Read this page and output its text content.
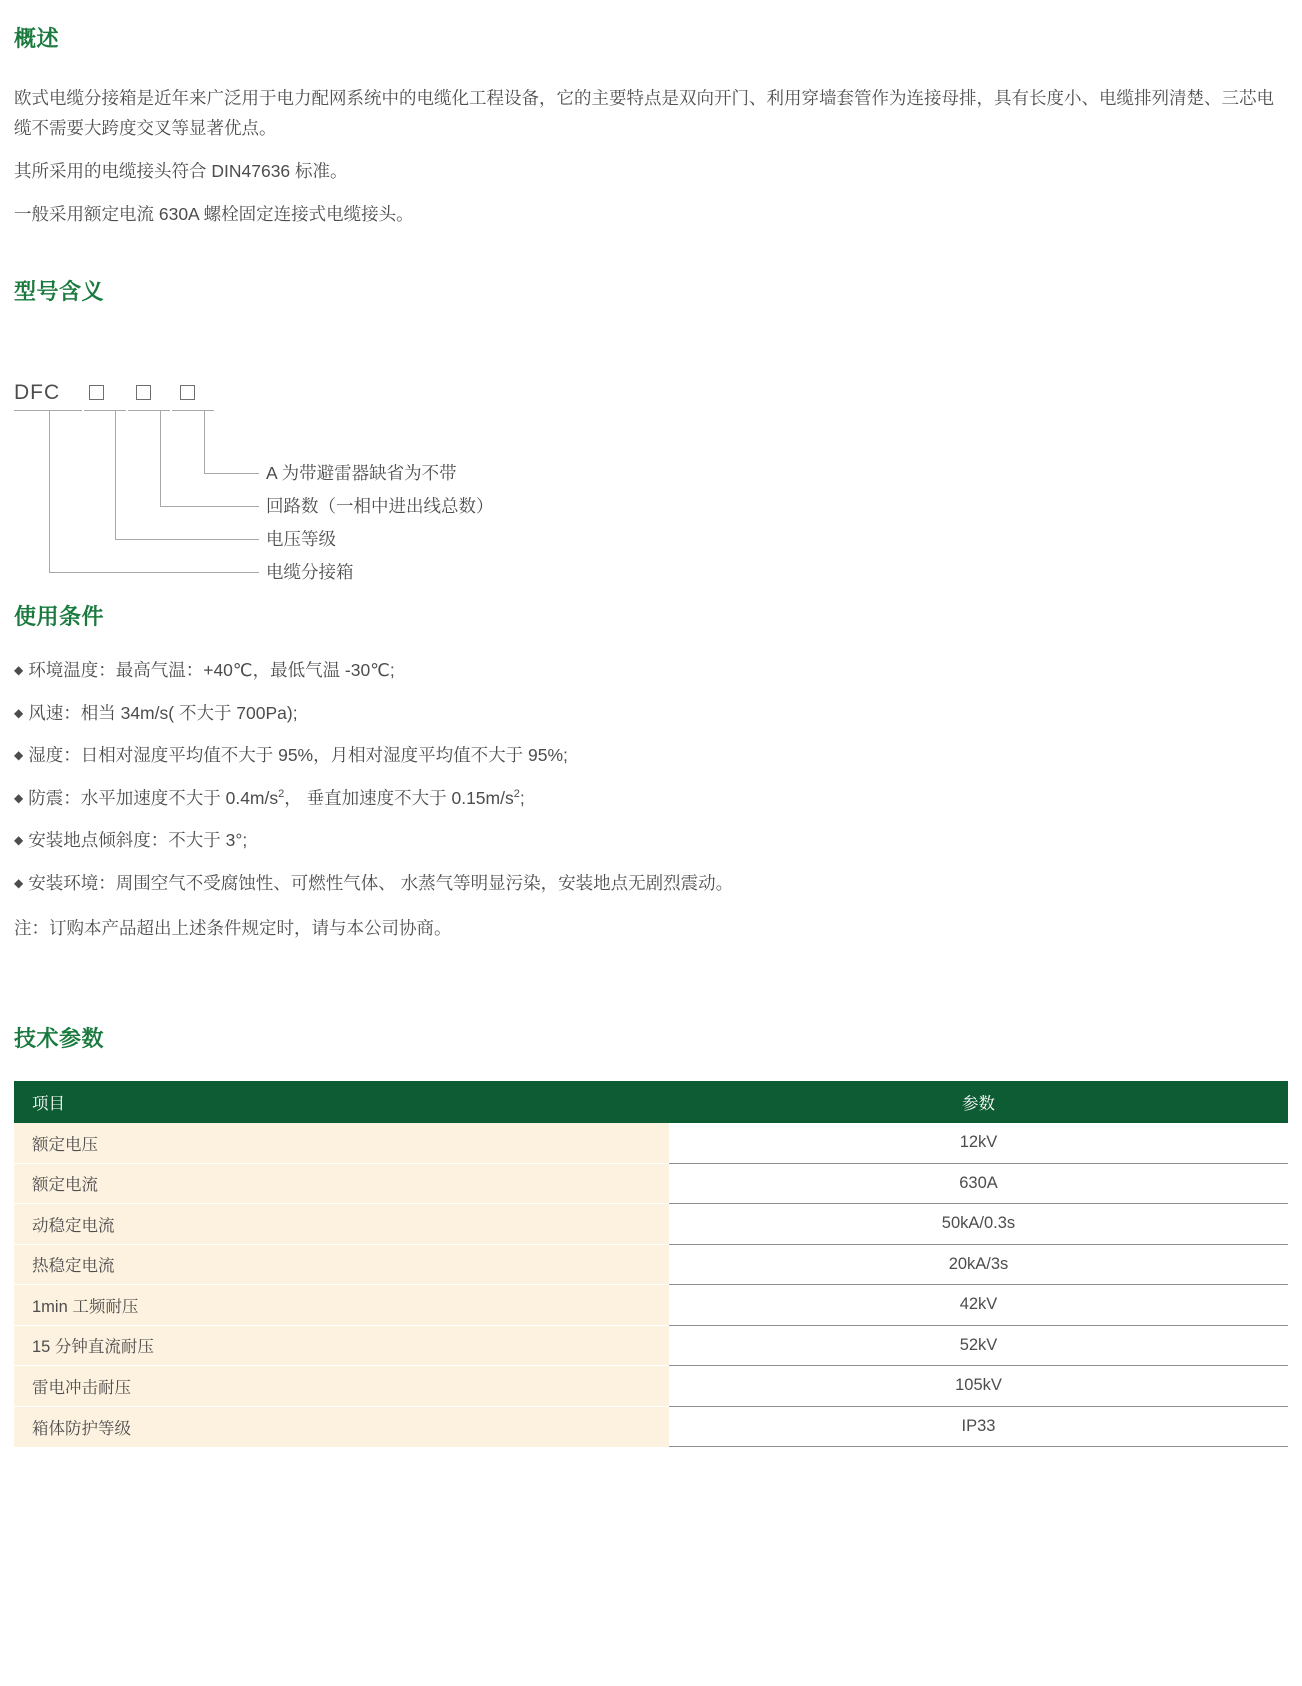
概述

欧式电缆分接箱是近年来广泛用于电力配网系统中的电缆化工程设备，它的主要特点是双向开门、利用穿墙套管作为连接母排，具有长度小、电缆排列清楚、三芯电缆不需要大跨度交叉等显著优点。

其所采用的电缆接头符合 DIN47636 标准。

一般采用额定电流 630A 螺栓固定连接式电缆接头。

型号含义
DFC
A 为带避雷器缺省为不带
回路数（一相中进出线总数）
电压等级
电缆分接箱
使用条件
◆ 环境温度：最高气温：+40℃，最低气温 -30℃;
◆ 风速：相当 34m/s( 不大于 700Pa);
◆ 湿度：日相对湿度平均值不大于 95%，月相对湿度平均值不大于 95%;
◆ 防震：水平加速度不大于 $0.4m/s^2$， 垂直加速度不大于 $0.15m/s^2$;
◆ 安装地点倾斜度：不大于 3°;
◆ 安装环境：周围空气不受腐蚀性、可燃性气体、 水蒸气等明显污染，安装地点无剧烈震动。

注：订购本产品超出上述条件规定时，请与本公司协商。

技术参数
项目	参数
额定电压	12kV
额定电流	630A
动稳定电流	50kA/0.3s
热稳定电流	20kA/3s
1min 工频耐压	42kV
15 分钟直流耐压	52kV
雷电冲击耐压	105kV
箱体防护等级	IP33
